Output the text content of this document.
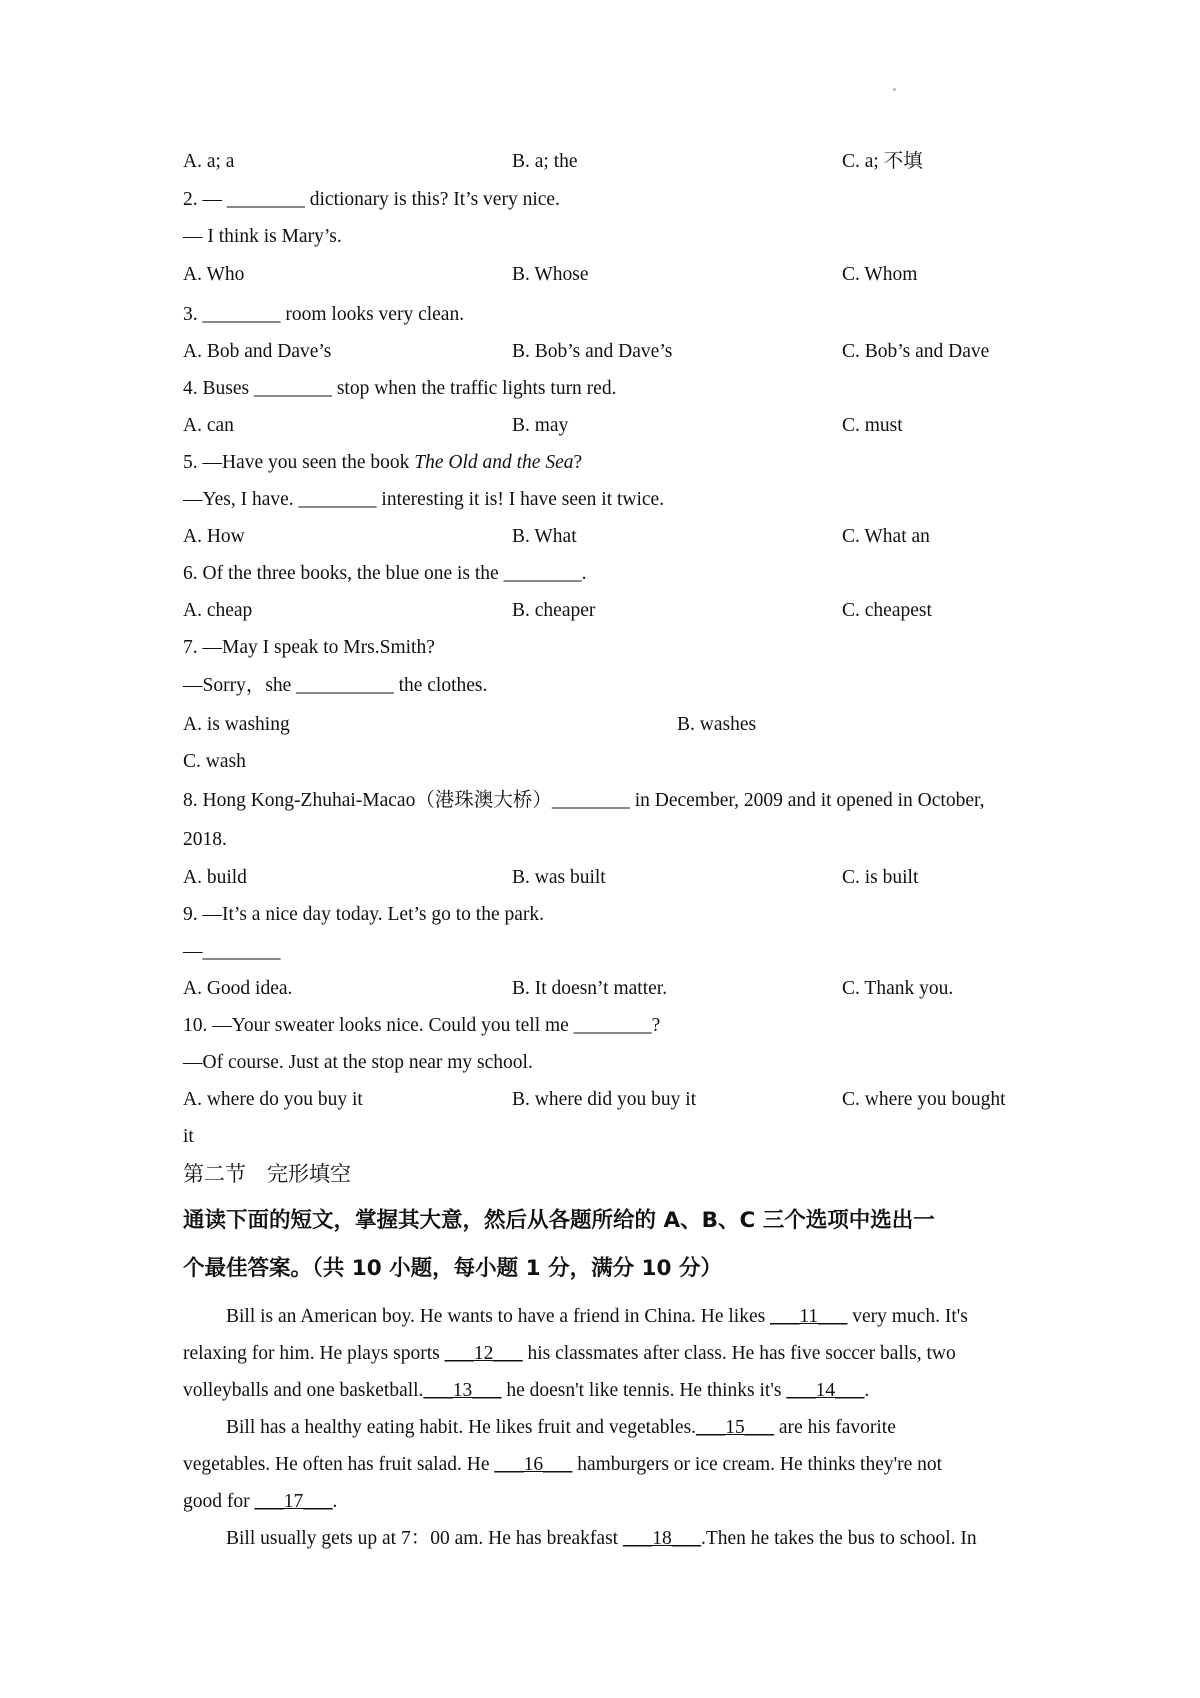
A. a; a	B. a; the	C. a; 不填
2. — ________ dictionary is this? It’s very nice.
— I think is Mary’s.
A. Who	B. Whose	C. Whom
3. ________ room looks very clean.
A. Bob and Dave’s	B. Bob’s and Dave’s	C. Bob’s and Dave
4. Buses ________ stop when the traffic lights turn red.
A. can	B. may	C. must
5. —Have you seen the book The Old and the Sea?
—Yes, I have. ________ interesting it is! I have seen it twice.
A. How	B. What	C. What an
6. Of the three books, the blue one is the ________.
A. cheap	B. cheaper	C. cheapest
7. —May I speak to Mrs.Smith?
—Sorry，she __________ the clothes.
A. is washing	B. washes
C. wash
8. Hong Kong-Zhuhai-Macao（港珠澳大桥）________ in December, 2009 and it opened in October,
2018.
A. build	B. was built	C. is built
9. —It’s a nice day today. Let’s go to the park.
—________
A. Good idea.	B. It doesn’t matter.	C. Thank you.
10. —Your sweater looks nice. Could you tell me ________?
—Of course. Just at the stop near my school.
A. where do you buy it	B. where did you buy it	C. where you bought
it
第二节　完形填空
通读下面的短文，掌握其大意，然后从各题所给的 A、B、C 三个选项中选出一
个最佳答案。（共 10 小题，每小题 1 分，满分 10 分）
Bill is an American boy. He wants to have a friend in China. He likes ___11___ very much. It's
relaxing for him. He plays sports ___12___ his classmates after class. He has five soccer balls, two
volleyballs and one basketball.___13___ he doesn't like tennis. He thinks it's ___14___.
Bill has a healthy eating habit. He likes fruit and vegetables.___15___ are his favorite
vegetables. He often has fruit salad. He ___16___ hamburgers or ice cream. He thinks they're not
good for ___17___.
Bill usually gets up at 7：00 am. He has breakfast ___18___.Then he takes the bus to school. In
